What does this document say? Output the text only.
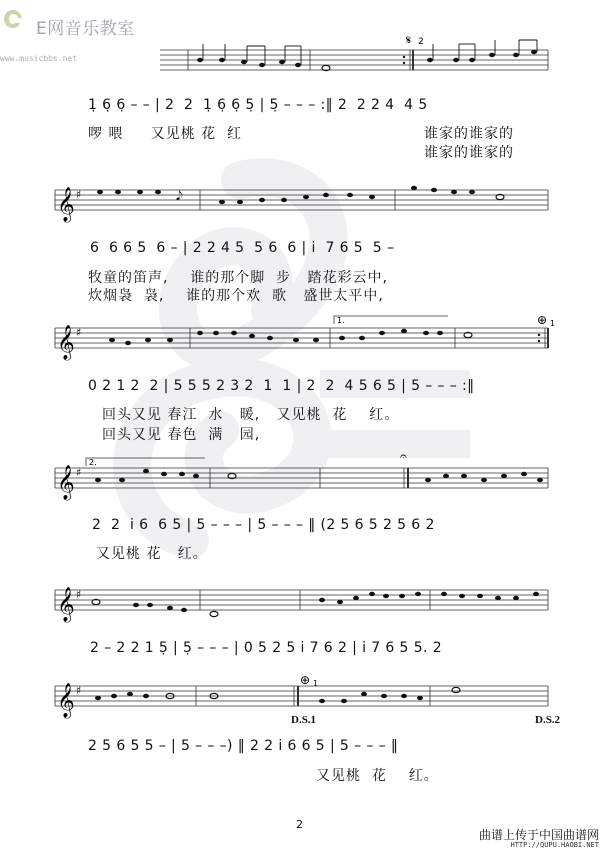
E网音乐教室
www.musicbbs.net
𝄋 2
1̣ 6̣ 6̣ – – | 2  2  1̣ 6̣ 6̣ 5̣ | 5̣ – – – :‖ 2  2 2 4  4 5
啰 喂     又见桃 花  红	谁家的谁家的
谁家的谁家的
𝄞 ♯	𝅘𝅥𝅮
6  6 6 5  6 – | 2 2 4 5  5 6  6 | i  7 6 5  5 –
牧童的笛声,    谁的那个脚  步   踏花彩云中,
炊烟袅  袅,    谁的那个欢  歌   盛世太平中,
𝄞 ♯
1.	⊕ 1
0 2 1 2  2 | 5 5 5 2 3 2  1  1 | 2  2  4 5 6 5 | 5 – – – :‖
回头又见 春江  水   暖,   又见桃  花    红。
回头又见 春色  满   园,
𝄞 ♯
2.	𝄐
2  2  i 6  6 5 | 5 – – – | 5 – – – ‖ (2 5 6 5 2 5 6 2
又见桃 花   红。
𝄞 ♯
2 – 2 2 1 5̣ | 5̣ – – – | 0 5 2 5 i 7 6 2 | i 7 6 5 5. 2
𝄞 ♯
⊕ 1
D.S.1	D.S.2
2 5 6 5 5 – | 5 – – –) ‖ 2 2 i 6 6 5 | 5 – – – ‖
又见桃  花    红。
2
曲谱上传于中国曲谱网
HTTP://QUPU.HAOBI.NET
